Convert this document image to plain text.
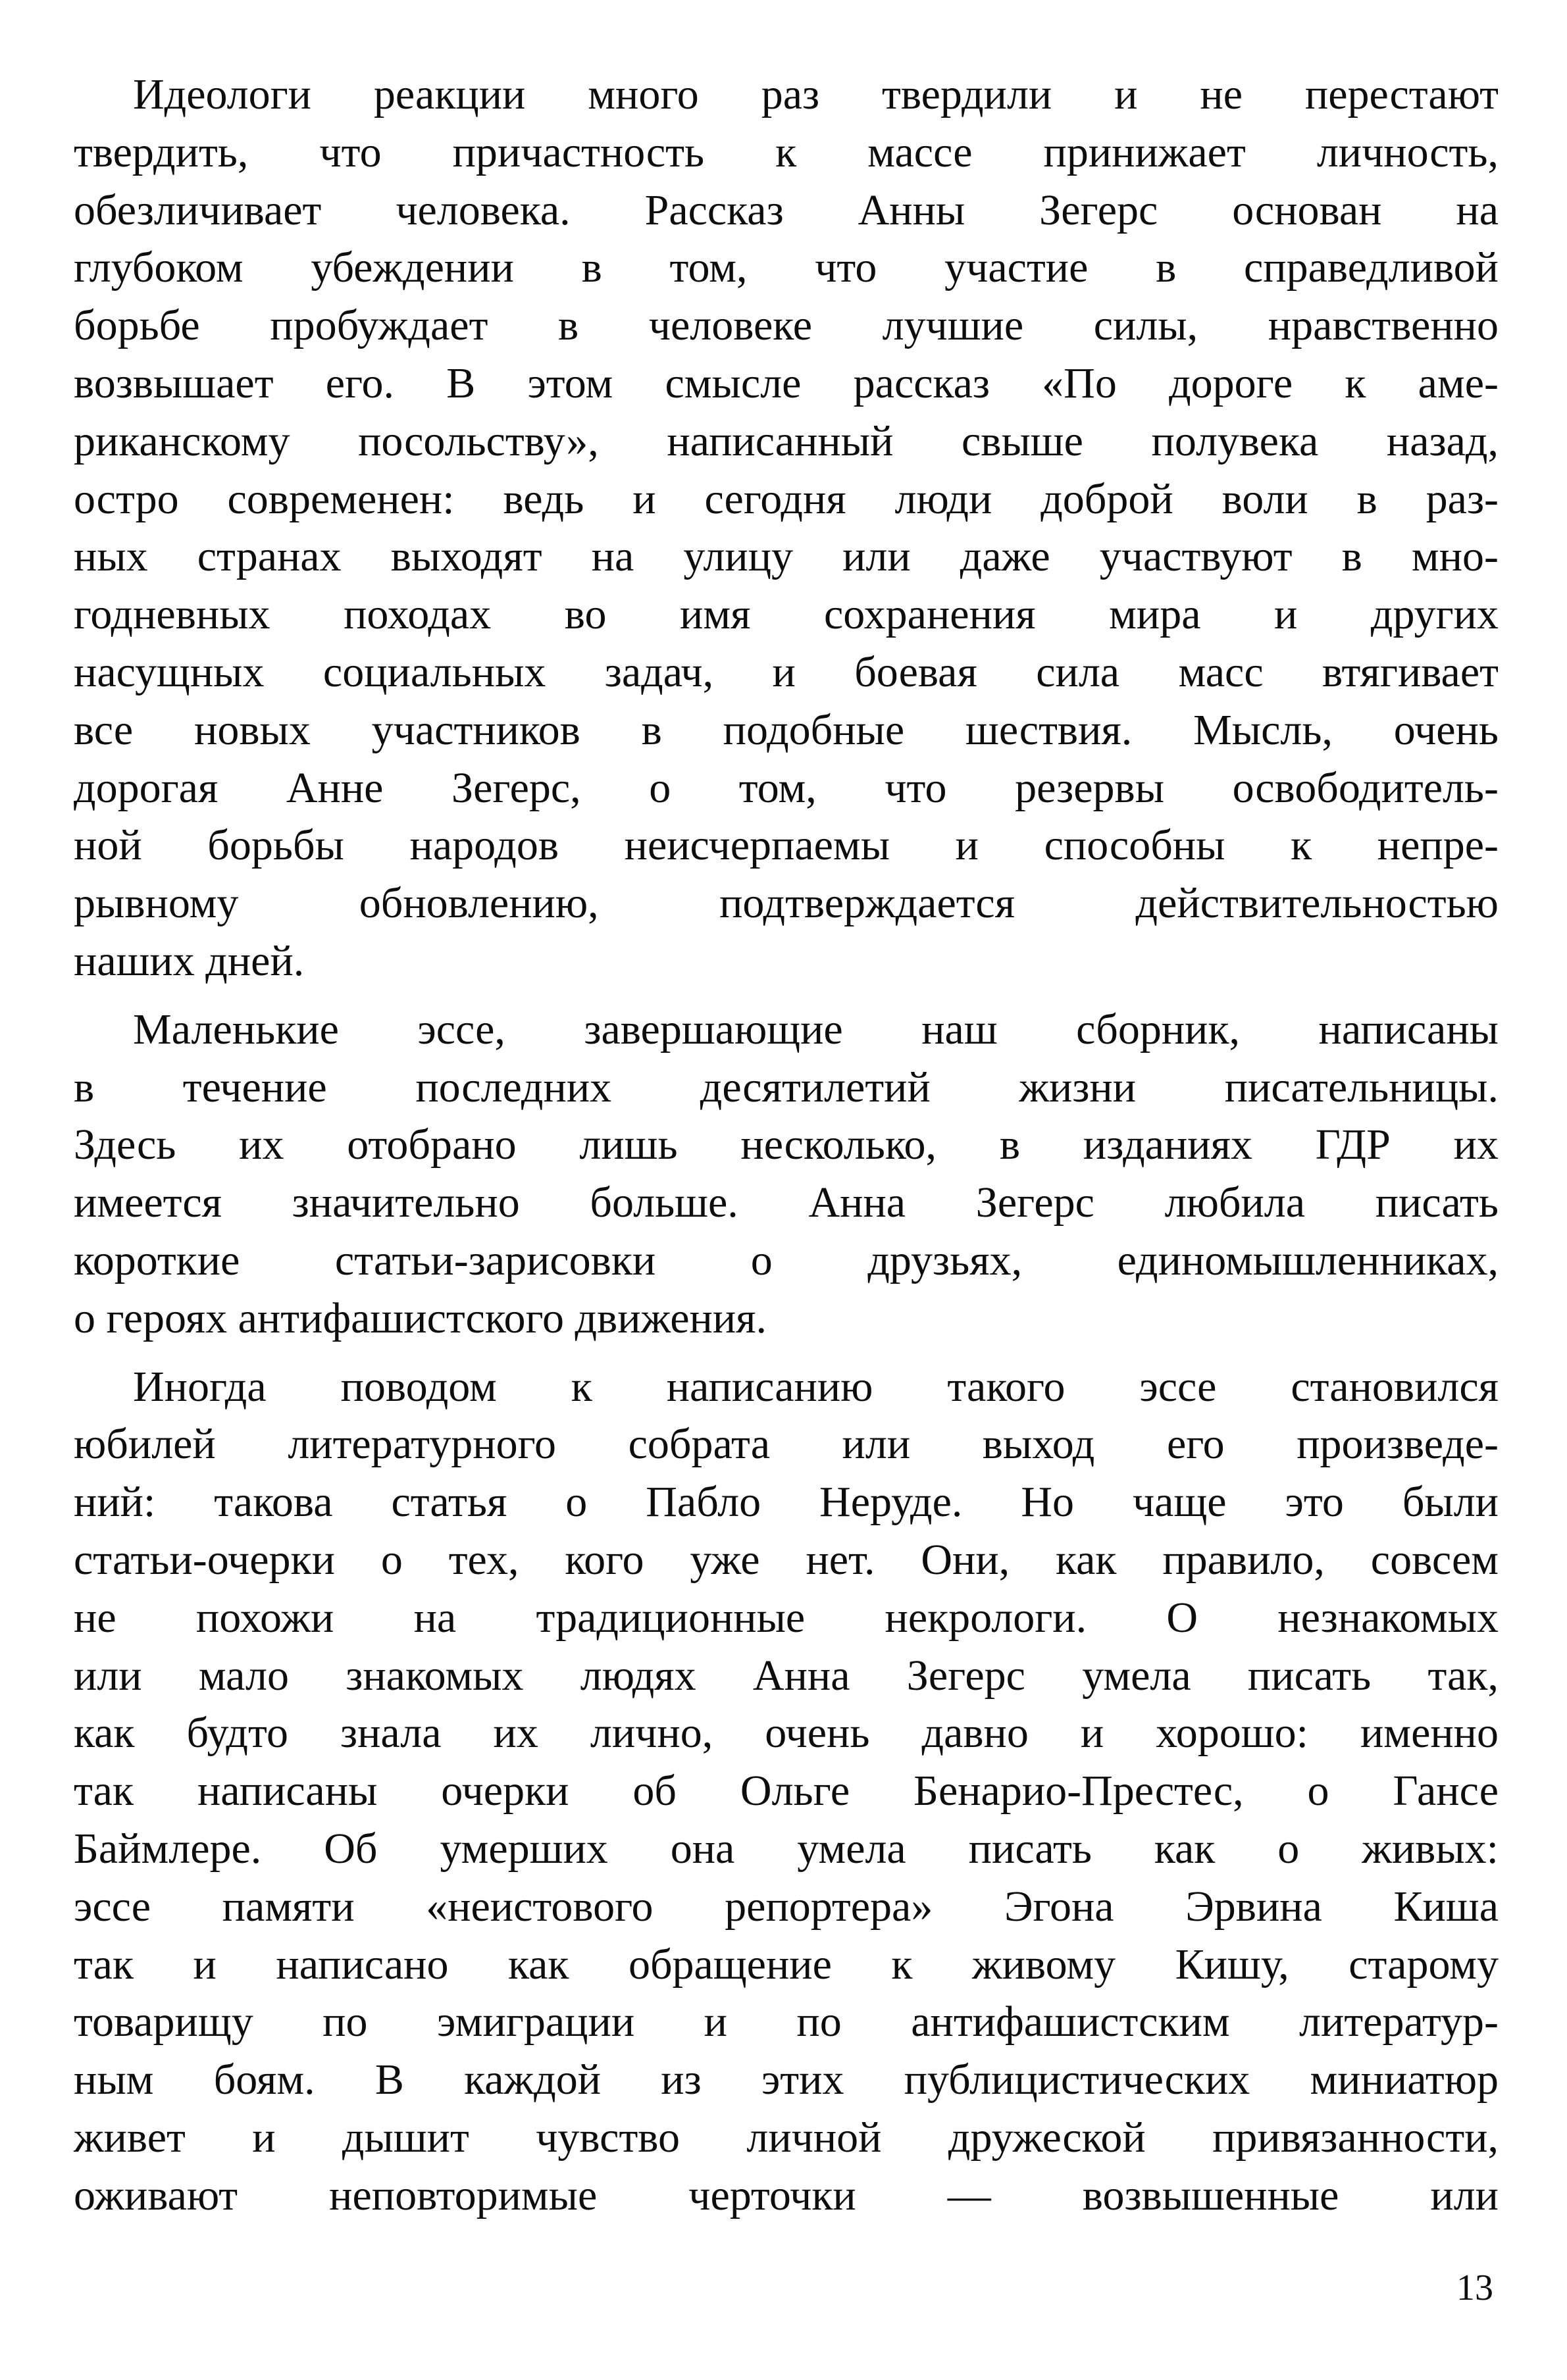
Идеологи реакции много раз твердили и не перестают
твердить, что причастность к массе принижает личность,
обезличивает человека. Рассказ Анны Зегерс основан на
глубоком убеждении в том, что участие в справедливой
борьбе пробуждает в человеке лучшие силы, нравственно
возвышает его. В этом смысле рассказ «По дороге к аме-
риканскому посольству», написанный свыше полувека назад,
остро современен: ведь и сегодня люди доброй воли в раз-
ных странах выходят на улицу или даже участвуют в мно-
годневных походах во имя сохранения мира и других
насущных социальных задач, и боевая сила масс втягивает
все новых участников в подобные шествия. Мысль, очень
дорогая Анне Зегерс, о том, что резервы освободитель-
ной борьбы народов неисчерпаемы и способны к непре-
рывному обновлению, подтверждается действительностью
наших дней.
Маленькие эссе, завершающие наш сборник, написаны
в течение последних десятилетий жизни писательницы.
Здесь их отобрано лишь несколько, в изданиях ГДР их
имеется значительно больше. Анна Зегерс любила писать
короткие статьи-зарисовки о друзьях, единомышленниках,
о героях антифашистского движения.
Иногда поводом к написанию такого эссе становился
юбилей литературного собрата или выход его произведе-
ний: такова статья о Пабло Неруде. Но чаще это были
статьи-очерки о тех, кого уже нет. Они, как правило, совсем
не похожи на традиционные некрологи. О незнакомых
или мало знакомых людях Анна Зегерс умела писать так,
как будто знала их лично, очень давно и хорошо: именно
так написаны очерки об Ольге Бенарио-Престес, о Гансе
Баймлере. Об умерших она умела писать как о живых:
эссе памяти «неистового репортера» Эгона Эрвина Киша
так и написано как обращение к живому Кишу, старому
товарищу по эмиграции и по антифашистским литератур-
ным боям. В каждой из этих публицистических миниатюр
живет и дышит чувство личной дружеской привязанности,
оживают неповторимые черточки — возвышенные или
13
